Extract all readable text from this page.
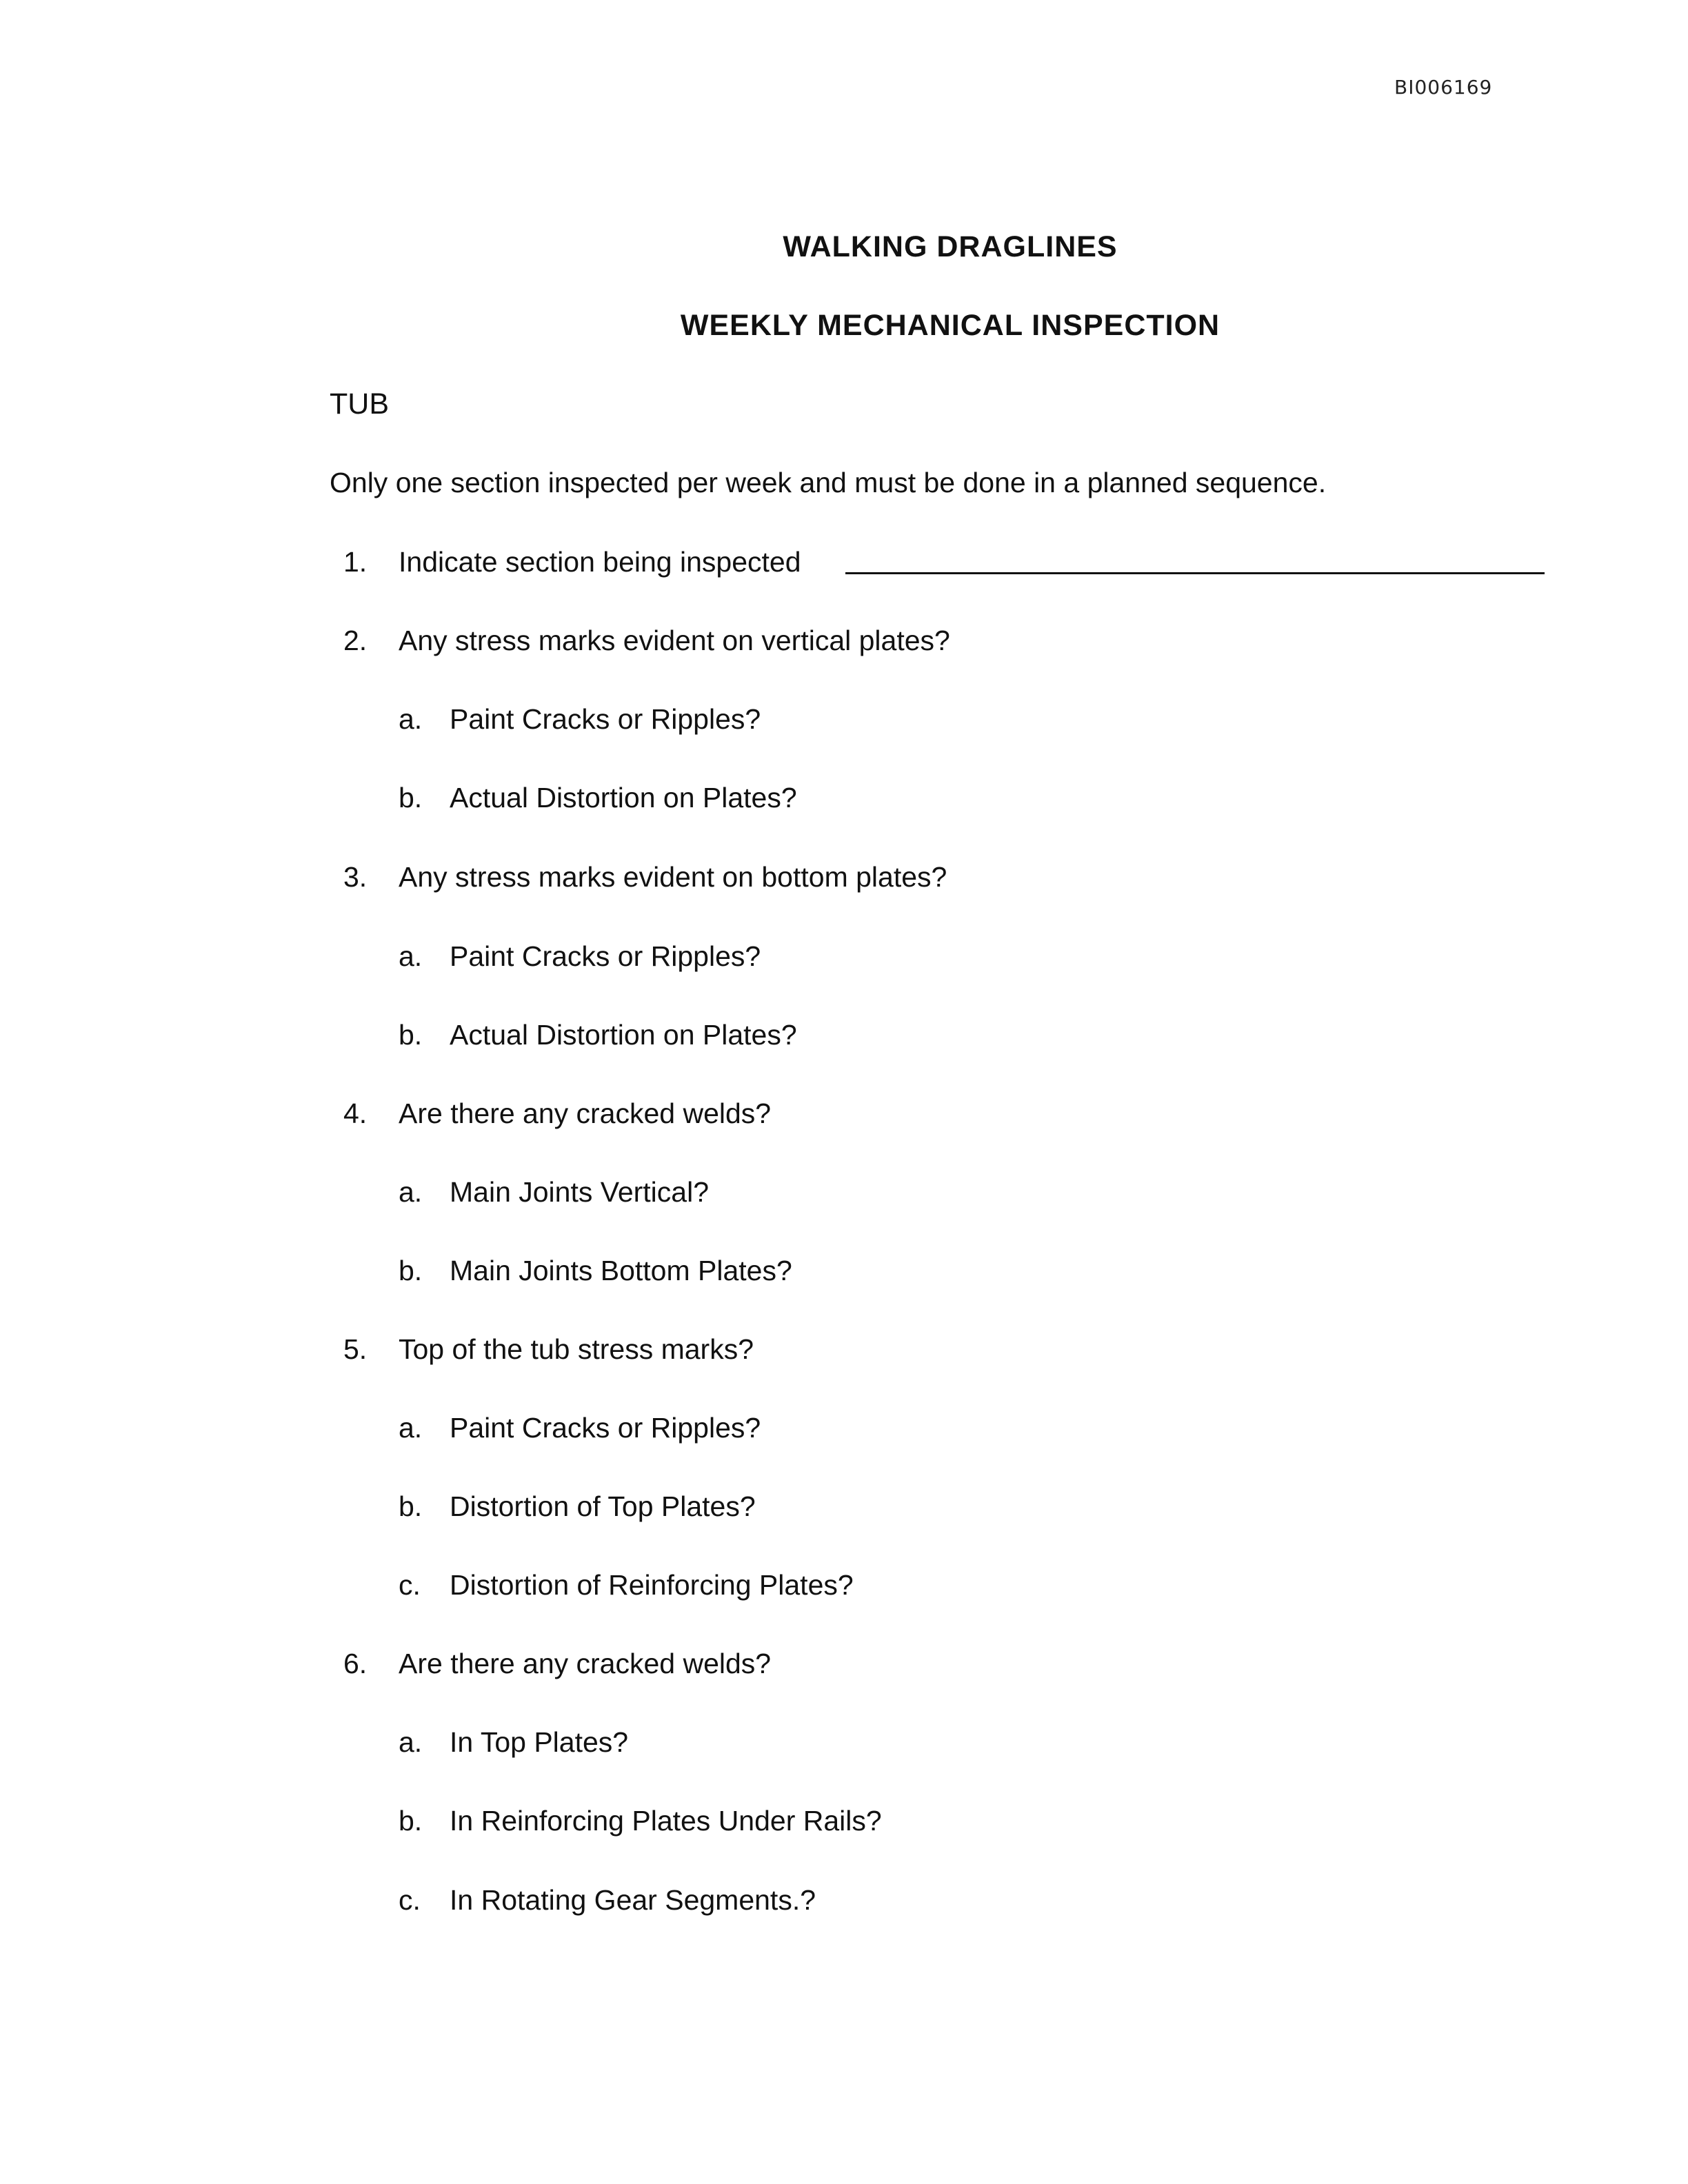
BI006169
WALKING DRAGLINES
WEEKLY MECHANICAL INSPECTION
TUB
Only one section inspected per week and must be done in a planned sequence.
1. Indicate section being inspected
2. Any stress marks evident on vertical plates?
a. Paint Cracks or Ripples?
b. Actual Distortion on Plates?
3. Any stress marks evident on bottom plates?
a. Paint Cracks or Ripples?
b. Actual Distortion on Plates?
4. Are there any cracked welds?
a. Main Joints Vertical?
b. Main Joints Bottom Plates?
5. Top of the tub stress marks?
a. Paint Cracks or Ripples?
b. Distortion of Top Plates?
c. Distortion of Reinforcing Plates?
6. Are there any cracked welds?
a. In Top Plates?
b. In Reinforcing Plates Under Rails?
c. In Rotating Gear Segments.?
